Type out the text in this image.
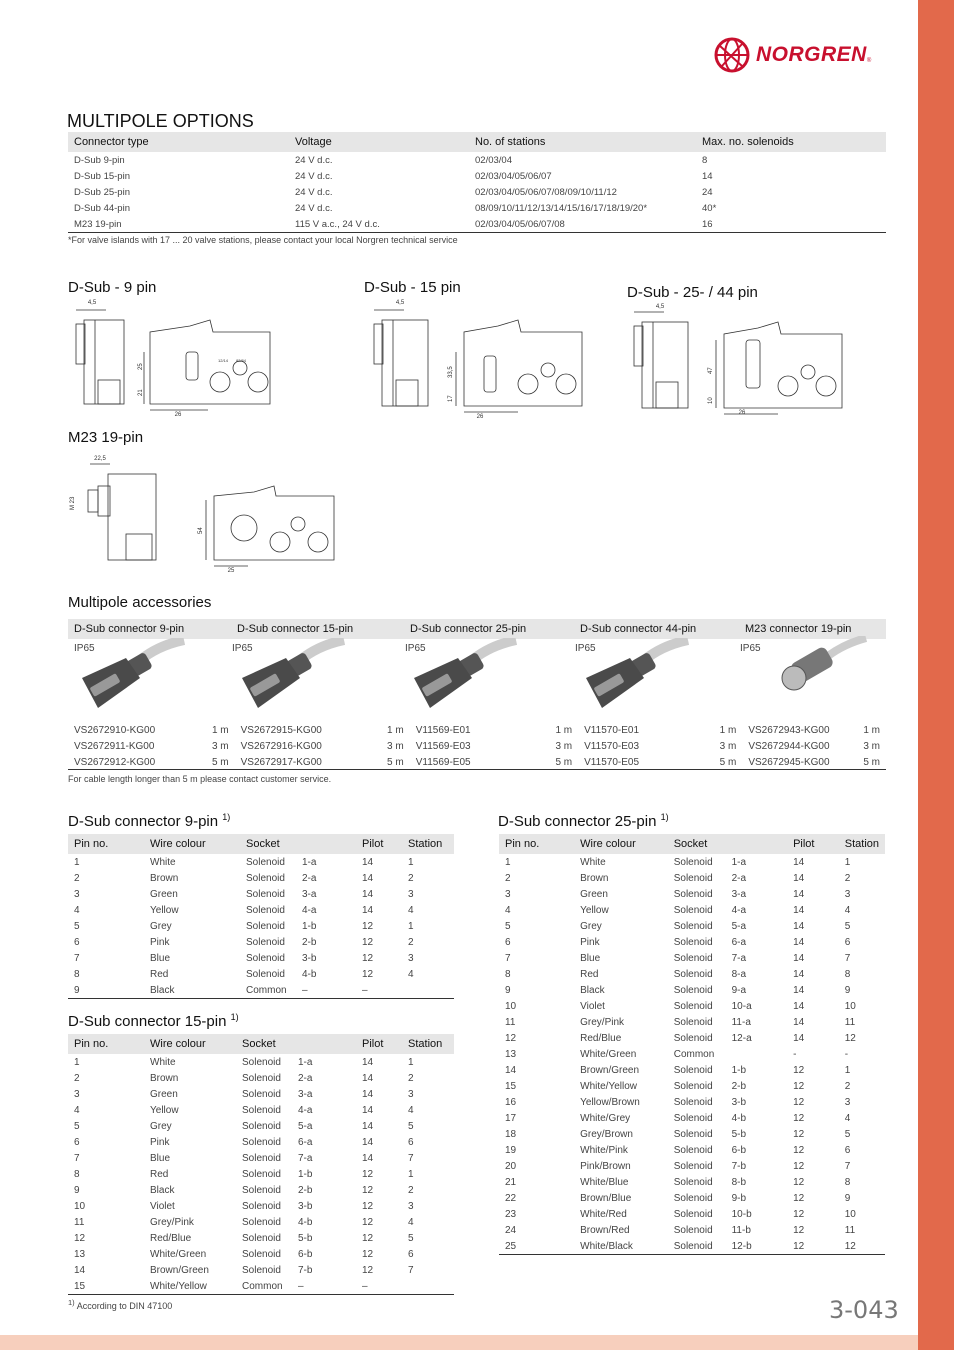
NORGREN ®
MULTIPOLE OPTIONS
Connector type	Voltage	No. of stations	Max. no. solenoids
D-Sub 9-pin	24 V d.c.	02/03/04	8
D-Sub 15-pin	24 V d.c.	02/03/04/05/06/07	14
D-Sub 25-pin	24 V d.c.	02/03/04/05/06/07/08/09/10/11/12	24
D-Sub 44-pin	24 V d.c.	08/09/10/11/12/13/14/15/16/17/18/19/20*	40*
M23 19-pin	115 V a.c., 24 V d.c.	02/03/04/05/06/07/08	16
*For valve islands with 17 ... 20 valve stations, please contact your local Norgren technical service
D-Sub - 9 pin	D-Sub - 15 pin	D-Sub - 25- / 44 pin
M23 19-pin
4,5
26
25
21
12/14 82/84
4,5
26
33,5
17
4,5
26
47
10
22,5
M 23
54
25
Multipole accessories
D-Sub connector 9-pin	D-Sub connector 15-pin	D-Sub connector 25-pin	D-Sub connector 44-pin	M23 connector 19-pin
IP65	IP65	IP65	IP65	IP65
VS2672910-KG00	1 m	VS2672915-KG00	1 m	V11569-E01	1 m	V11570-E01	1 m	VS2672943-KG00	1 m
VS2672911-KG00	3 m	VS2672916-KG00	3 m	V11569-E03	3 m	V11570-E03	3 m	VS2672944-KG00	3 m
VS2672912-KG00	5 m	VS2672917-KG00	5 m	V11569-E05	5 m	V11570-E05	5 m	VS2672945-KG00	5 m
For cable length longer than 5 m please contact customer service.
D-Sub connector 9-pin $^{1)}$
Pin no.	Wire colour	Socket		Pilot	Station
1	White	Solenoid	1-a	14	1
2	Brown	Solenoid	2-a	14	2
3	Green	Solenoid	3-a	14	3
4	Yellow	Solenoid	4-a	14	4
5	Grey	Solenoid	1-b	12	1
6	Pink	Solenoid	2-b	12	2
7	Blue	Solenoid	3-b	12	3
8	Red	Solenoid	4-b	12	4
9	Black	Common	–	–	
D-Sub connector 15-pin $^{1)}$
Pin no.	Wire colour	Socket		Pilot	Station
1	White	Solenoid	1-a	14	1
2	Brown	Solenoid	2-a	14	2
3	Green	Solenoid	3-a	14	3
4	Yellow	Solenoid	4-a	14	4
5	Grey	Solenoid	5-a	14	5
6	Pink	Solenoid	6-a	14	6
7	Blue	Solenoid	7-a	14	7
8	Red	Solenoid	1-b	12	1
9	Black	Solenoid	2-b	12	2
10	Violet	Solenoid	3-b	12	3
11	Grey/Pink	Solenoid	4-b	12	4
12	Red/Blue	Solenoid	5-b	12	5
13	White/Green	Solenoid	6-b	12	6
14	Brown/Green	Solenoid	7-b	12	7
15	White/Yellow	Common	–	–	
$^{1)}$ According to DIN 47100
D-Sub connector 25-pin $^{1)}$
Pin no.	Wire colour	Socket		Pilot	Station
1	White	Solenoid	1-a	14	1
2	Brown	Solenoid	2-a	14	2
3	Green	Solenoid	3-a	14	3
4	Yellow	Solenoid	4-a	14	4
5	Grey	Solenoid	5-a	14	5
6	Pink	Solenoid	6-a	14	6
7	Blue	Solenoid	7-a	14	7
8	Red	Solenoid	8-a	14	8
9	Black	Solenoid	9-a	14	9
10	Violet	Solenoid	10-a	14	10
11	Grey/Pink	Solenoid	11-a	14	11
12	Red/Blue	Solenoid	12-a	14	12
13	White/Green	Common		-	-
14	Brown/Green	Solenoid	1-b	12	1
15	White/Yellow	Solenoid	2-b	12	2
16	Yellow/Brown	Solenoid	3-b	12	3
17	White/Grey	Solenoid	4-b	12	4
18	Grey/Brown	Solenoid	5-b	12	5
19	White/Pink	Solenoid	6-b	12	6
20	Pink/Brown	Solenoid	7-b	12	7
21	White/Blue	Solenoid	8-b	12	8
22	Brown/Blue	Solenoid	9-b	12	9
23	White/Red	Solenoid	10-b	12	10
24	Brown/Red	Solenoid	11-b	12	11
25	White/Black	Solenoid	12-b	12	12
3-043
